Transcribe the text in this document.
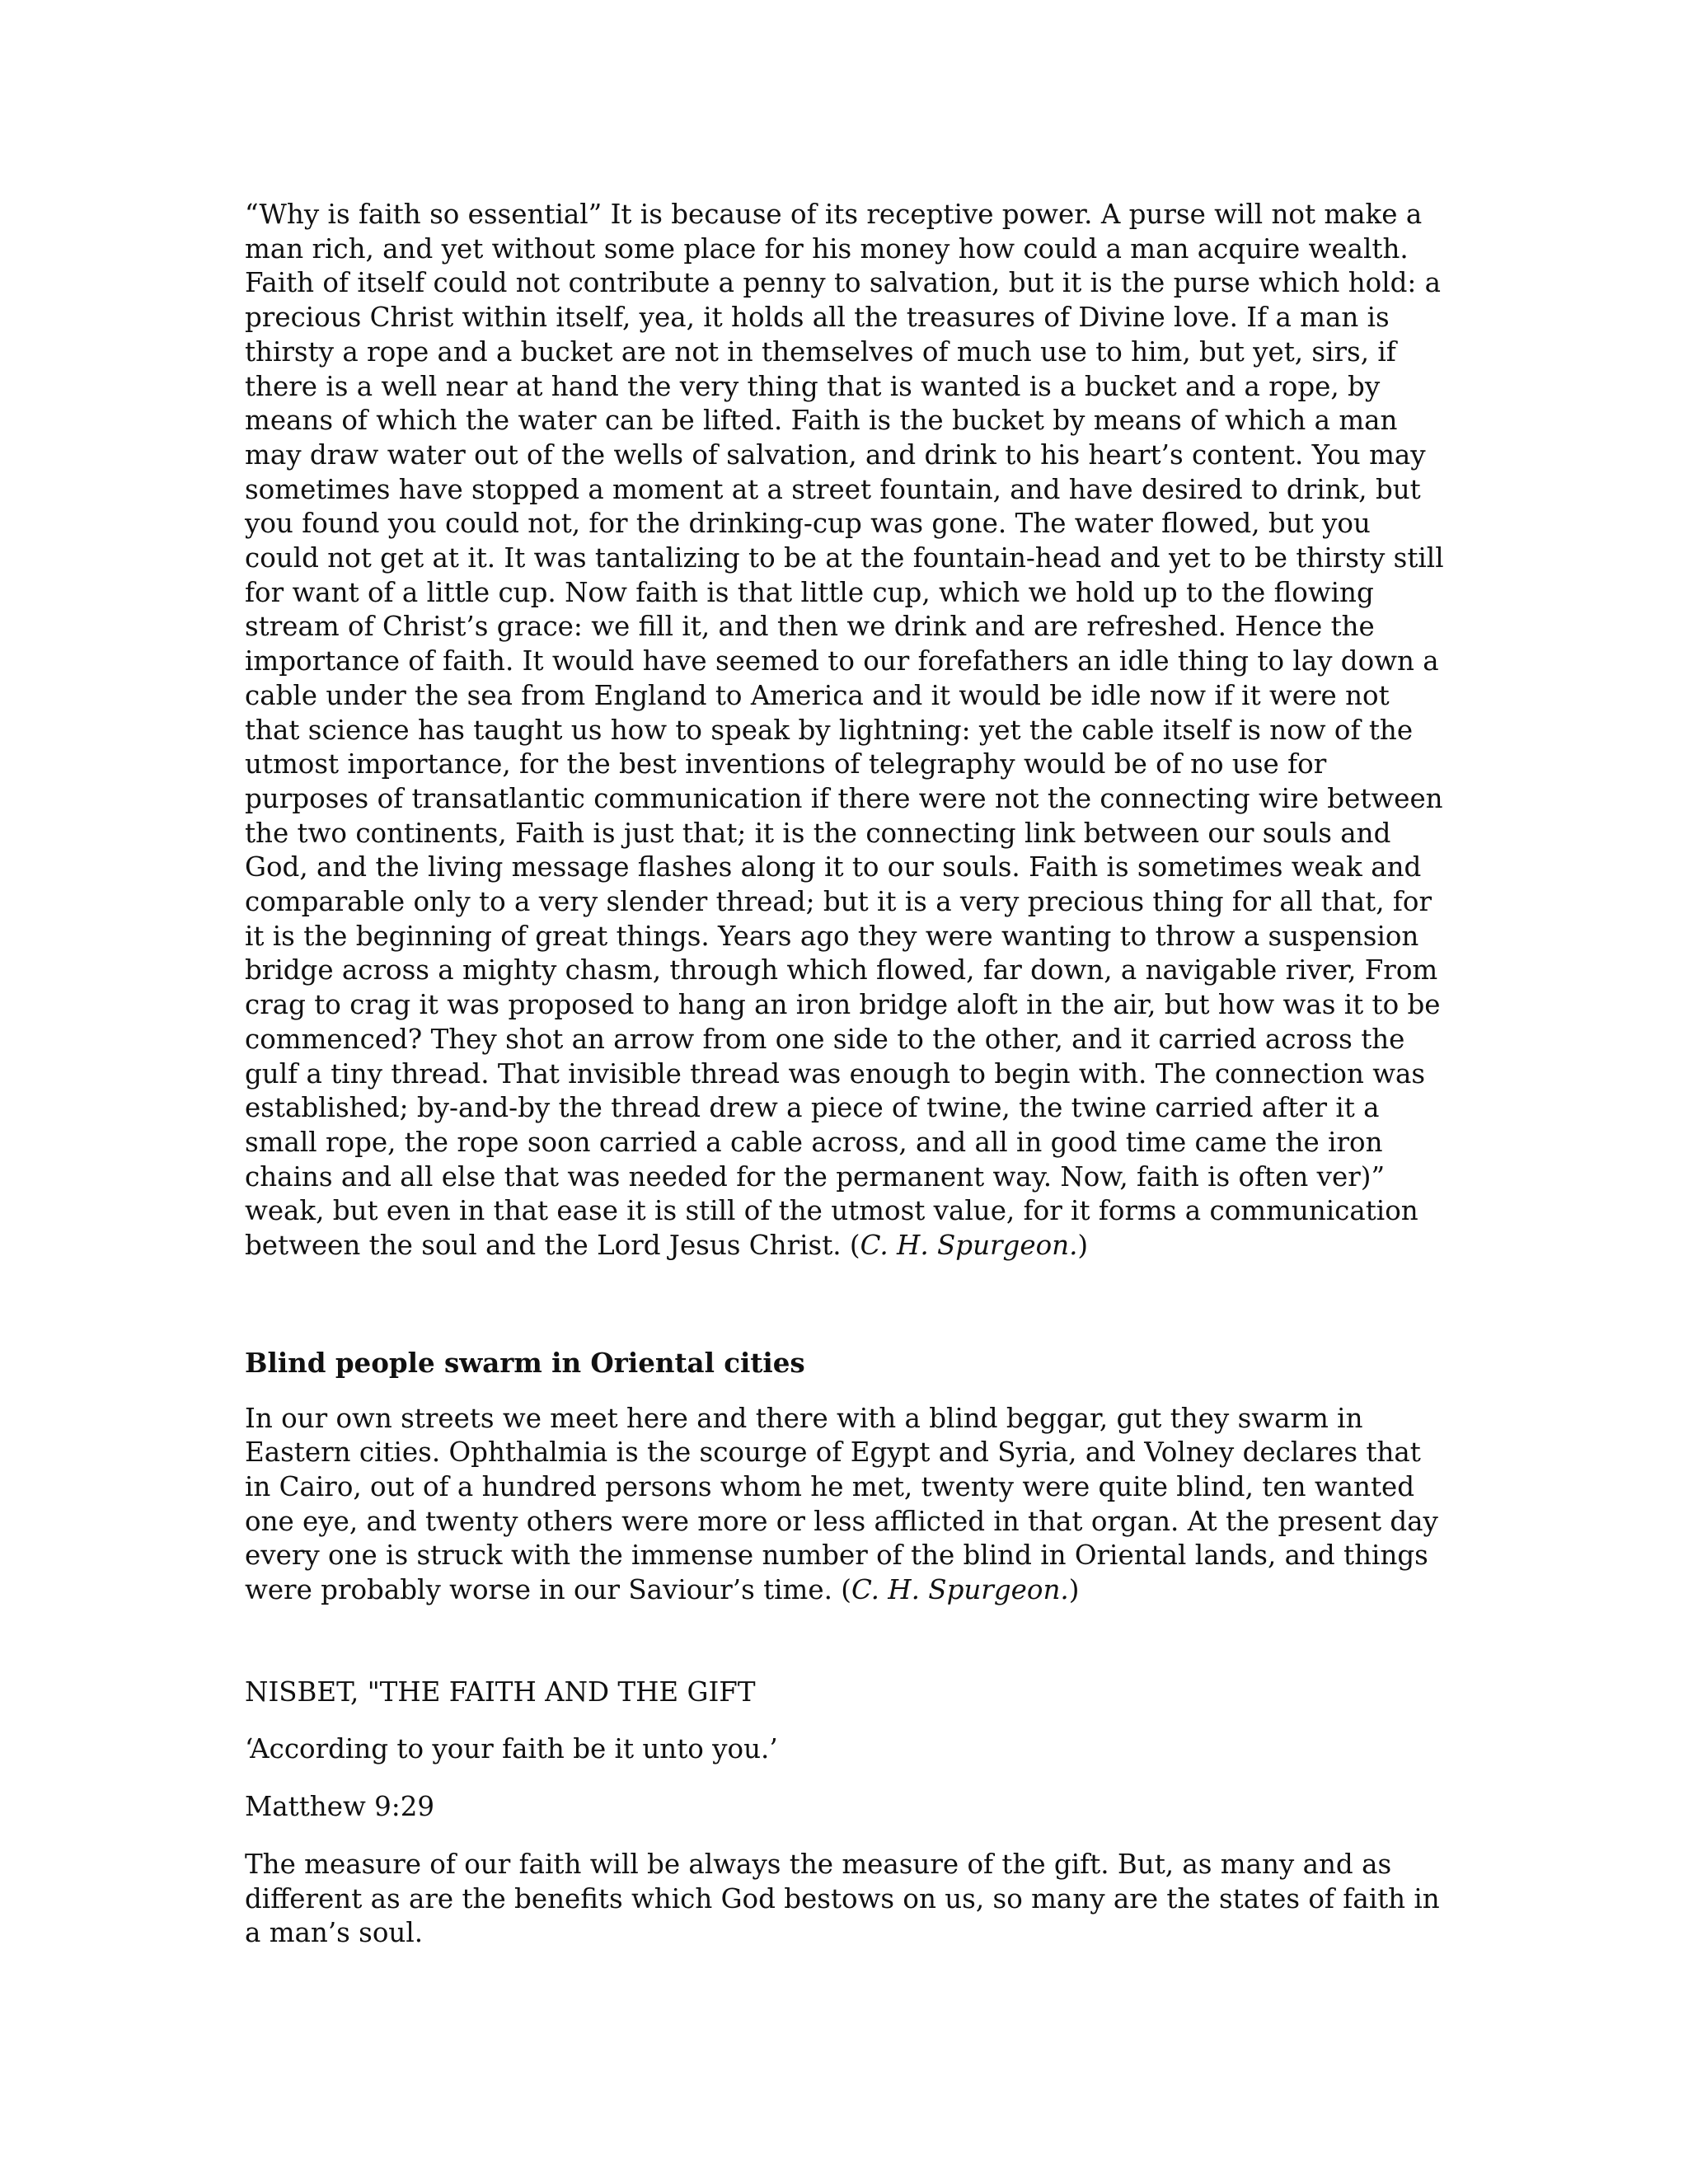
“Why is faith so essential” It is because of its receptive power. A purse will not make a man rich, and yet without some place for his money how could a man acquire wealth. Faith of itself could not contribute a penny to salvation, but it is the purse which hold: a precious Christ within itself, yea, it holds all the treasures of Divine love. If a man is thirsty a rope and a bucket are not in themselves of much use to him, but yet, sirs, if there is a well near at hand the very thing that is wanted is a bucket and a rope, by means of which the water can be lifted. Faith is the bucket by means of which a man may draw water out of the wells of salvation, and drink to his heart’s content. You may sometimes have stopped a moment at a street fountain, and have desired to drink, but you found you could not, for the drinking-cup was gone. The water flowed, but you could not get at it. It was tantalizing to be at the fountain-head and yet to be thirsty still for want of a little cup. Now faith is that little cup, which we hold up to the flowing stream of Christ’s grace: we fill it, and then we drink and are refreshed. Hence the importance of faith. It would have seemed to our forefathers an idle thing to lay down a cable under the sea from England to America and it would be idle now if it were not that science has taught us how to speak by lightning: yet the cable itself is now of the utmost importance, for the best inventions of telegraphy would be of no use for purposes of transatlantic communication if there were not the connecting wire between the two continents, Faith is just that; it is the connecting link between our souls and God, and the living message flashes along it to our souls. Faith is sometimes weak and comparable only to a very slender thread; but it is a very precious thing for all that, for it is the beginning of great things. Years ago they were wanting to throw a suspension bridge across a mighty chasm, through which flowed, far down, a navigable river, From crag to crag it was proposed to hang an iron bridge aloft in the air, but how was it to be commenced? They shot an arrow from one side to the other, and it carried across the gulf a tiny thread. That invisible thread was enough to begin with. The connection was established; by-and-by the thread drew a piece of twine, the twine carried after it a small rope, the rope soon carried a cable across, and all in good time came the iron chains and all else that was needed for the permanent way. Now, faith is often ver)” weak, but even in that ease it is still of the utmost value, for it forms a communication between the soul and the Lord Jesus Christ. (C. H. Spurgeon.)

Blind people swarm in Oriental cities

In our own streets we meet here and there with a blind beggar, gut they swarm in Eastern cities. Ophthalmia is the scourge of Egypt and Syria, and Volney declares that in Cairo, out of a hundred persons whom he met, twenty were quite blind, ten wanted one eye, and twenty others were more or less afflicted in that organ. At the present day every one is struck with the immense number of the blind in Oriental lands, and things were probably worse in our Saviour’s time. (C. H. Spurgeon.)

NISBET, "THE FAITH AND THE GIFT

‘According to your faith be it unto you.’

Matthew 9:29

The measure of our faith will be always the measure of the gift. But, as many and as different as are the benefits which God bestows on us, so many are the states of faith in a man’s soul.
